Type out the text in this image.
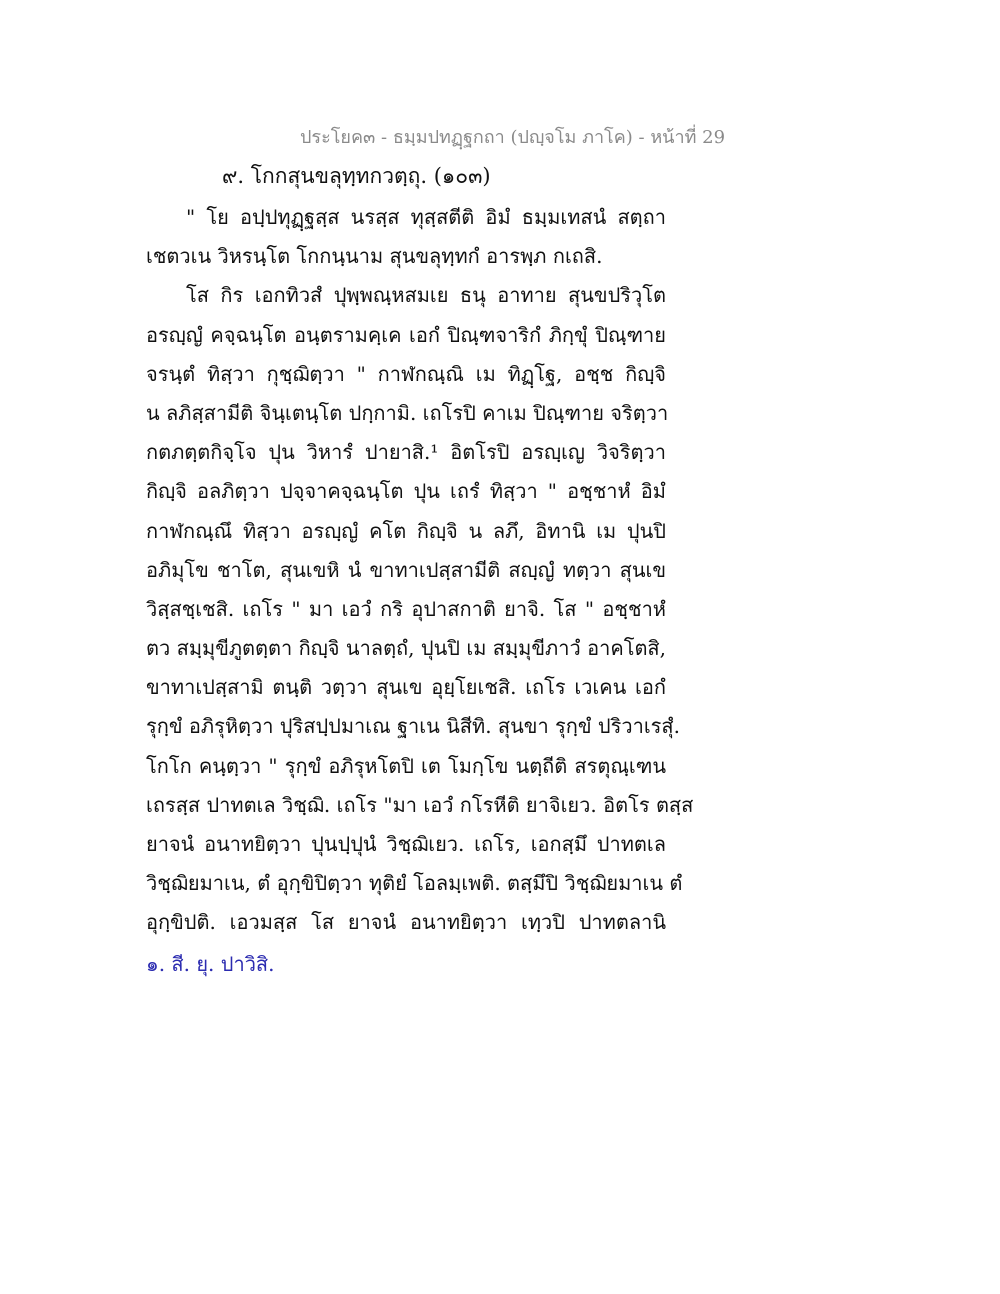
ประโยค๓ - ธมฺมปทฏฺฐกถา (ปญฺจโม ภาโค) - หน้าที่ 29
๙. โกกสุนขลุทฺทกวตฺถุ. (๑๐๓)
" โย อปฺปทุฏฺฐสฺส นรสฺส ทุสฺสตีติ อิมํ ธมฺมเทสนํ สตฺถา
เชตวเน วิหรนฺโต โกกนฺนาม สุนขลุทฺทกํ อารพฺภ กเถสิ.
โส กิร เอกทิวสํ ปุพฺพณฺหสมเย ธนุ อาทาย สุนขปริวุโต
อรญฺญํ คจฺฉนฺโต อนฺตรามคฺเค เอกํ ปิณฺฑจาริกํ ภิกฺขุํ ปิณฺฑาย
จรนฺตํ ทิสฺวา กุชฺฌิตฺวา " กาฬกณฺณิ เม ทิฏฺโฐ, อชฺช กิญฺจิ
น ลภิสฺสามีติ จินฺเตนฺโต ปกฺกามิ. เถโรปิ คาเม ปิณฺฑาย จริตฺวา
กตภตฺตกิจฺโจ ปุน วิหารํ ปายาสิ.¹ อิตโรปิ อรญฺเญ วิจริตฺวา
กิญฺจิ อลภิตฺวา ปจฺจาคจฺฉนฺโต ปุน เถรํ ทิสฺวา " อชฺชาหํ อิมํ
กาฬกณฺณึ ทิสฺวา อรญฺญํ คโต กิญฺจิ น ลภึ, อิทานิ เม ปุนปิ
อภิมุโข ชาโต, สุนเขหิ นํ ขาทาเปสฺสามีติ สญฺญํ ทตฺวา สุนเข
วิสฺสชฺเชสิ. เถโร " มา เอวํ กริ อุปาสกาติ ยาจิ. โส " อชฺชาหํ
ตว สมฺมุขีภูตตฺตา กิญฺจิ นาลตฺถํ, ปุนปิ เม สมฺมุขีภาวํ อาคโตสิ,
ขาทาเปสฺสามิ ตนฺติ วตฺวา สุนเข อุยฺโยเชสิ. เถโร เวเคน เอกํ
รุกฺขํ อภิรุหิตฺวา ปุริสปฺปมาเณ ฐาเน นิสีทิ. สุนขา รุกฺขํ ปริวาเรสุํ.
โกโก คนฺตฺวา " รุกฺขํ อภิรุหโตปิ เต โมกฺโข นตฺถีติ สรตุณฺเฑน
เถรสฺส ปาทตเล วิชฺฌิ. เถโร "มา เอวํ กโรหีติ ยาจิเยว. อิตโร ตสฺส
ยาจนํ อนาทยิตฺวา ปุนปฺปุนํ วิชฺฌิเยว. เถโร, เอกสฺมึ ปาทตเล
วิชฺฌิยมาเน, ตํ อุกฺขิปิตฺวา ทุติยํ โอลมฺเพติ. ตสฺมึปิ วิชฺฌิยมาเน ตํ
อุกฺขิปติ. เอวมสฺส โส ยาจนํ อนาทยิตฺวา เทฺวปิ ปาทตลานิ
๑. สี. ยุ. ปาวิสิ.
